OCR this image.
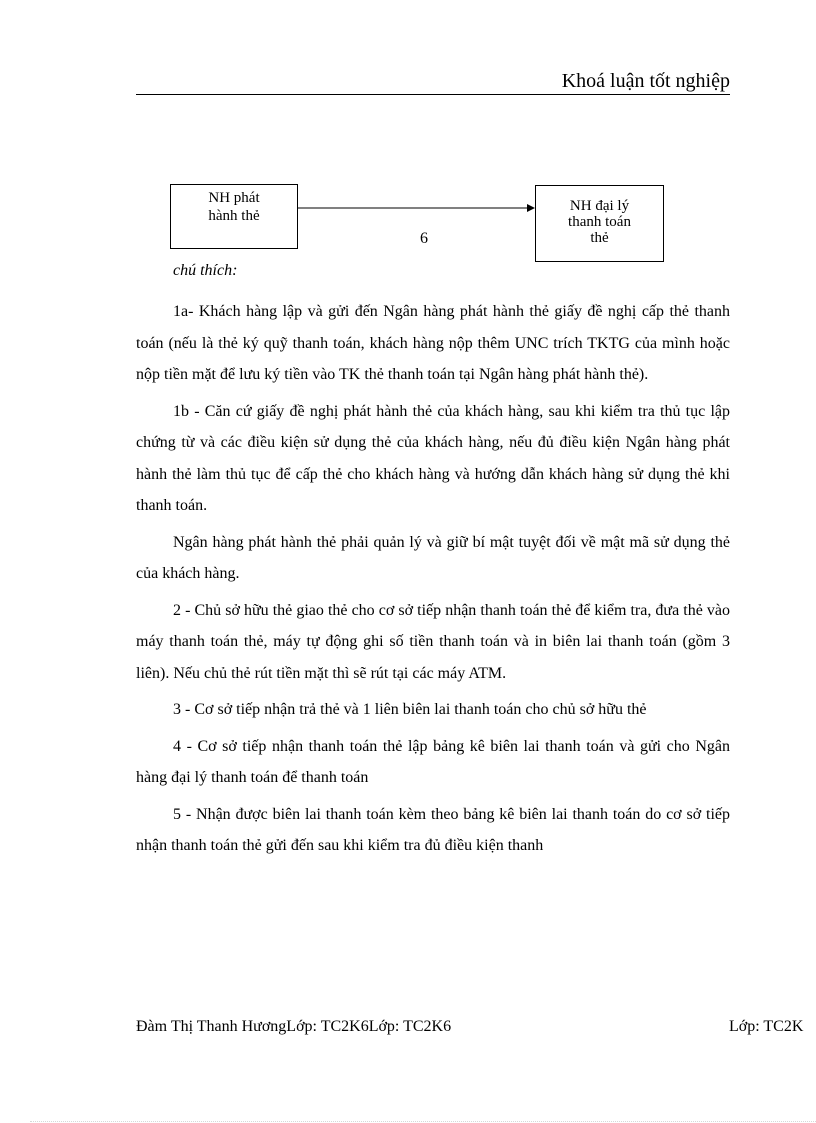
Khoá luận tốt nghiệp
NH phát
hành thẻ
6
NH đại lý
thanh toán
thẻ
chú thích:

1a- Khách hàng lập và gửi đến Ngân hàng phát hành thẻ giấy đề nghị cấp thẻ thanh toán (nếu là thẻ ký quỹ thanh toán, khách hàng nộp thêm UNC trích TKTG của mình hoặc nộp tiền mặt để lưu ký tiền vào TK thẻ thanh toán tại Ngân hàng phát hành thẻ).

1b - Căn cứ giấy đề nghị phát hành thẻ của khách hàng, sau khi kiểm tra thủ tục lập chứng từ và các điều kiện sử dụng thẻ của khách hàng, nếu đủ điều kiện Ngân hàng phát hành thẻ làm thủ tục để cấp thẻ cho khách hàng và hướng dẫn khách hàng sử dụng thẻ khi thanh toán.

Ngân hàng phát hành thẻ phải quản lý và giữ bí mật tuyệt đối về mật mã sử dụng thẻ của khách hàng.

2 - Chủ sở hữu thẻ giao thẻ cho cơ sở tiếp nhận thanh toán thẻ để kiểm tra, đưa thẻ vào máy thanh toán thẻ, máy tự động ghi số tiền thanh toán và in biên lai thanh toán (gồm 3 liên). Nếu chủ thẻ rút tiền mặt thì sẽ rút tại các máy ATM.

3 - Cơ sở tiếp nhận trả thẻ và 1 liên biên lai thanh toán cho chủ sở hữu thẻ

4 - Cơ sở tiếp nhận thanh toán thẻ lập bảng kê biên lai thanh toán và gửi cho Ngân hàng đại lý thanh toán để thanh toán

5 - Nhận được biên lai thanh toán kèm theo bảng kê biên lai thanh toán do cơ sở tiếp nhận thanh toán thẻ gửi đến sau khi kiểm tra đủ điều kiện thanh

Đàm Thị Thanh HươngLớp: TC2K6Lớp: TC2K6	Lớp: TC2K
